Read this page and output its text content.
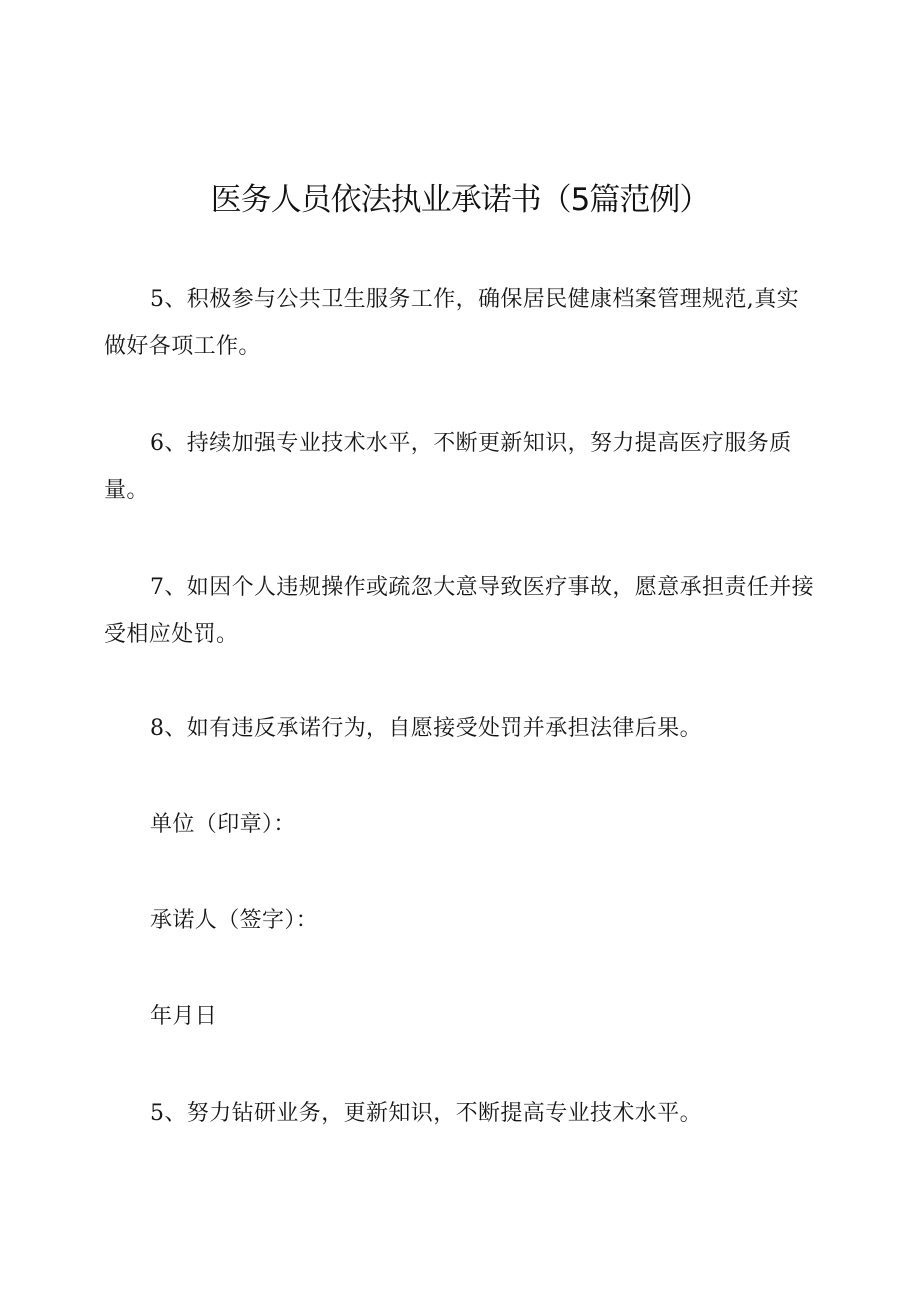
医务人员依法执业承诺书（5篇范例）

5、积极参与公共卫生服务工作，确保居民健康档案管理规范,真实做好各项工作。

6、持续加强专业技术水平，不断更新知识，努力提高医疗服务质量。

7、如因个人违规操作或疏忽大意导致医疗事故，愿意承担责任并接受相应处罚。

8、如有违反承诺行为，自愿接受处罚并承担法律后果。

单位（印章）：

承诺人（签字）：

年月日

5、努力钻研业务，更新知识，不断提高专业技术水平。
